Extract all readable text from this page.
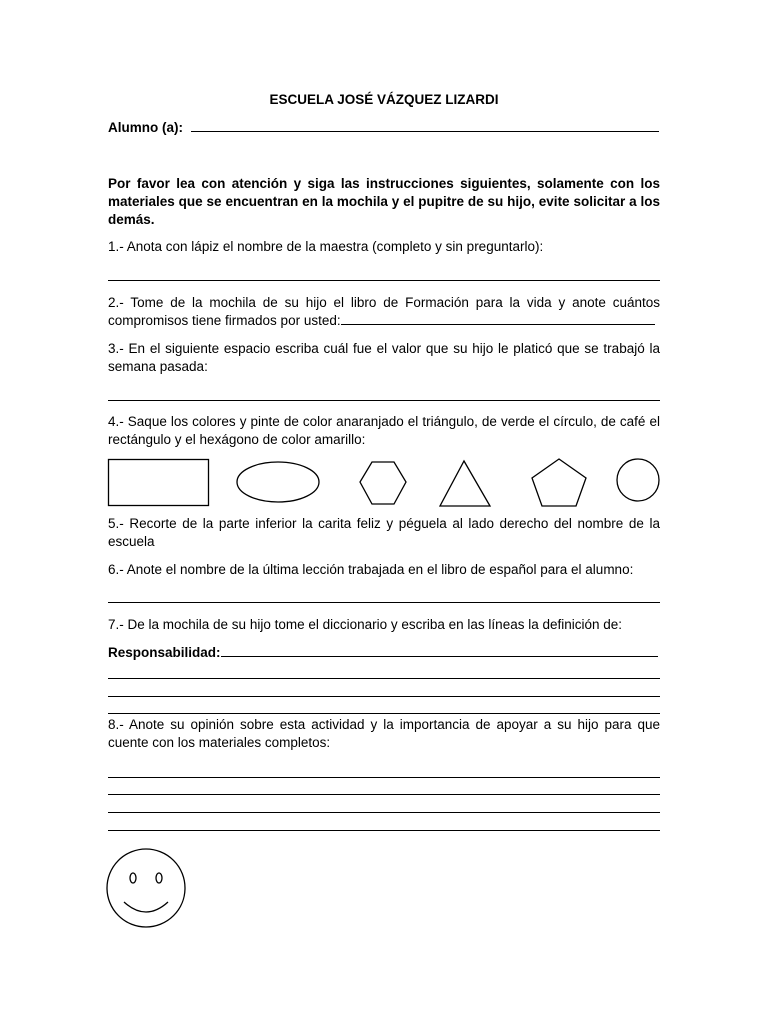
ESCUELA JOSÉ VÁZQUEZ LIZARDI
Alumno (a):
Por favor lea con atención y siga las instrucciones siguientes, solamente con los materiales que se encuentran en la mochila y el pupitre de su hijo, evite solicitar a los demás.
1.- Anota con lápiz el nombre de la maestra (completo y sin preguntarlo):
2.- Tome de la mochila de su hijo el libro de Formación para la vida y anote cuántos compromisos tiene firmados por usted:
3.- En el siguiente espacio escriba cuál fue el valor que su hijo le platicó que se trabajó la semana pasada:
4.- Saque los colores y pinte de color anaranjado el triángulo, de verde el círculo, de café el rectángulo y el hexágono de color amarillo:
5.- Recorte de la parte inferior la carita feliz y péguela al lado derecho del nombre de la escuela
6.- Anote el nombre de la última lección trabajada en el libro de español para el alumno:
7.- De la mochila de su hijo tome el diccionario y escriba en las líneas la definición de:
Responsabilidad:
8.- Anote su opinión sobre esta actividad y la importancia de apoyar a su hijo para que cuente con los materiales completos:
